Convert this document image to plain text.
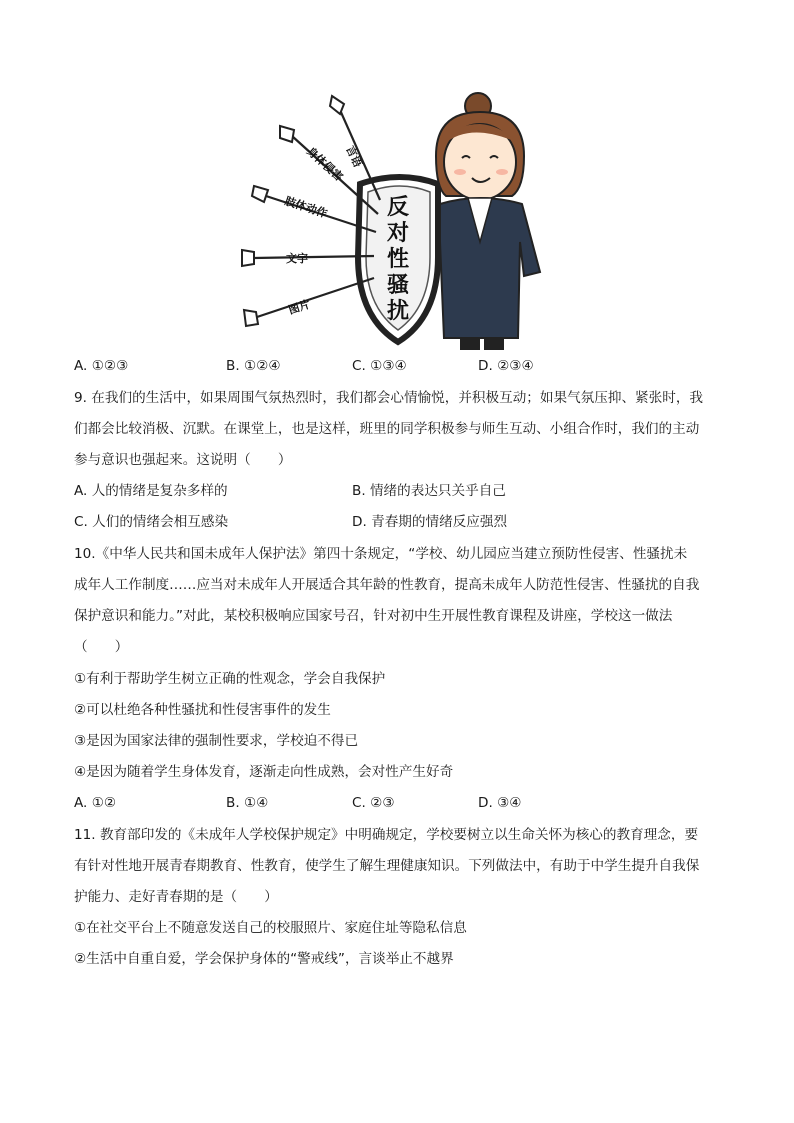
言语
身体侵害
肢体动作
文字
图片
反
对
性
骚
扰
A. ①②③	B. ①②④	C. ①③④	D. ②③④
9. 在我们的生活中，如果周围气氛热烈时，我们都会心情愉悦，并积极互动；如果气氛压抑、紧张时，我
们都会比较消极、沉默。在课堂上，也是这样，班里的同学积极参与师生互动、小组合作时，我们的主动
参与意识也强起来。这说明（　　）
A. 人的情绪是复杂多样的	B. 情绪的表达只关乎自己
C. 人们的情绪会相互感染	D. 青春期的情绪反应强烈
10.《中华人民共和国未成年人保护法》第四十条规定，“学校、幼儿园应当建立预防性侵害、性骚扰未
成年人工作制度……应当对未成年人开展适合其年龄的性教育，提高未成年人防范性侵害、性骚扰的自我
保护意识和能力。”对此，某校积极响应国家号召，针对初中生开展性教育课程及讲座，学校这一做法
（　　）
①有利于帮助学生树立正确的性观念，学会自我保护
②可以杜绝各种性骚扰和性侵害事件的发生
③是因为国家法律的强制性要求，学校迫不得已
④是因为随着学生身体发育，逐渐走向性成熟，会对性产生好奇
A. ①②	B. ①④	C. ②③	D. ③④
11. 教育部印发的《未成年人学校保护规定》中明确规定，学校要树立以生命关怀为核心的教育理念，要
有针对性地开展青春期教育、性教育，使学生了解生理健康知识。下列做法中，有助于中学生提升自我保
护能力、走好青春期的是（　　）
①在社交平台上不随意发送自己的校服照片、家庭住址等隐私信息
②生活中自重自爱，学会保护身体的“警戒线”，言谈举止不越界
